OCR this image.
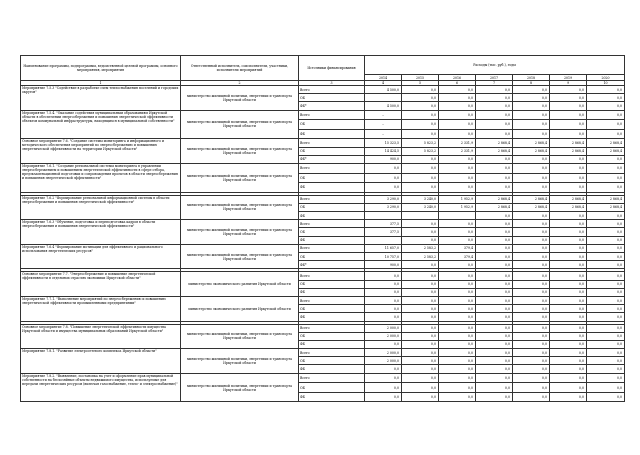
Наименование программы, подпрограммы, ведомственной целевой программы, основного мероприятия, мероприятия	Ответственный исполнитель, соисполнители, участники, исполнители мероприятий	Источники финансирования	Расходы (тыс. руб.), годы						
			2014	2015	2016	2017	2018	2019	2020
1	2	3	4	5	6	7	8	9	10
Мероприятие 7.5.3 "Содействие в разработке схем теплоснабжения поселений и городских округов"	министерство жилищной политики, энергетики и транспорта Иркутской области	Всего	4 500,0	0,0	0,0	0,0	0,0	0,0	0,0
		ОБ		0,0	0,0	0,0	0,0	0,0	0,0
		ФБ*	4 500,0	0,0	0,0	0,0	0,0	0,0	0,0
Мероприятие 7.5.4. "Оказание содействия муниципальным образованиям Иркутской области в обеспечении энергосбережения и повышения энергетической эффективности объектов коммунальной инфраструктуры, находящихся в муниципальной собственности"	министерство жилищной политики, энергетики и транспорта Иркутской области	Всего	–	0,0	0,0	0,0	0,0	0,0	0,0
		ОБ	–	0,0	0,0	0,0	0,0	0,0	0,0
		ФБ	–	0,0	0,0	0,0	0,0	0,0	0,0
Основное мероприятие 7.6. "Создание системы мониторинга и информационного и методического обеспечения мероприятий по энергосбережению и повышению энергетической эффективности на территории Иркутской области"	министерство жилищной политики, энергетики и транспорта Иркутской области	Всего	15 323,5	5 823,2	2 331,9	2 868,4	2 868,4	2 868,4	2 868,4
		ОБ	14 424,5	5 823,2	2 331,9	2 868,4	2 868,4	2 868,4	2 868,4
		ФБ*	900,0	0,0	0,0	0,0	0,0	0,0	0,0
Мероприятие 7.6.1. "Создание региональной системы мониторинга в управлении энергосбережением и повышением энергетической эффективности в сфере отбора, предэкзаменационной подготовки и сопровождения проектов в области энергосбережения и повышения энергетической эффективности"	министерство жилищной политики, энергетики и транспорта Иркутской области	Всего	0,0	0,0	0,0	0,0	0,0	0,0	0,0
		ОБ	0,0	0,0	0,0	0,0	0,0	0,0	0,0
		ФБ	0,0	0,0	0,0	0,0	0,0	0,0	0,0

Мероприятие 7.6.2 "Формирование региональной информационной системы в области энергосбережения и повышения энергетической эффективности"	министерство жилищной политики, энергетики и транспорта Иркутской области	Всего	3 290,0	3 240,0	1 952,9	2 868,4	2 868,4	2 868,4	2 868,4
		ОБ	3 290,0	3 240,0	1 952,9	2 868,4	2 868,4	2 868,4	2 868,4
		ФБ				0,0	0,0	0,0	0,0
Мероприятие 7.6.3 "Обучение, подготовка и переподготовка кадров в области энергосбережения и повышения энергетической эффективности"	министерство жилищной политики, энергетики и транспорта Иркутской области	Всего	377,5	0,0	0,0	0,0	0,0	0,0	0,0
		ОБ	377,5	0,0	0,0	0,0	0,0	0,0	0,0
		ФБ		0,0	0,0	0,0	0,0	0,0	0,0
Мероприятие 7.6.4 "Формирование мотивации для эффективного и рационального использования энергетических ресурсов"	министерство жилищной политики, энергетики и транспорта Иркутской области	Всего	11 657,0	2 583,2	379,4	0,0	0,0	0,0	0,0
		ОБ	10 757,0	2 583,2	379,4	0,0	0,0	0,0	0,0
		ФБ*	900,0	0,0	0,0	0,0	0,0	0,0	0,0

Основное мероприятие 7.7. "Энергосбережение и повышение энергетической эффективности в отдельных отраслях экономики Иркутской области"	министерство экономического развития Иркутской области	Всего	0,0	0,0	0,0	0,0	0,0	0,0	0,0
		ОБ	0,0	0,0	0,0	0,0	0,0	0,0	0,0
		ФБ	0,0	0,0	0,0	0,0	0,0	0,0	0,0
Мероприятие 7.7.1. "Выполнение мероприятий по энергосбережению и повышению энергетической эффективности промышленными предприятиями"	министерство экономического развития Иркутской области	Всего	0,0	0,0	0,0	0,0	0,0	0,0	0,0
		ОБ	0,0	0,0	0,0	0,0	0,0	0,0	0,0
		ФБ	0,0	0,0	0,0	0,0	0,0	0,0	0,0

Основное мероприятие 7.8. "Повышение энергетической эффективности имущества Иркутской области и имущества муниципальных образований Иркутской области"	министерство жилищной политики, энергетики и транспорта Иркутской области	Всего	2 000,0	0,0	0,0	0,0	0,0	0,0	0,0
		ОБ	2 000,0	0,0	0,0	0,0	0,0	0,0	0,0
		ФБ	0,0	0,0	0,0	0,0	0,0	0,0	0,0
Мероприятие 7.8.1. "Развитие электросетевого комплекса Иркутской области"	министерство жилищной политики, энергетики и транспорта Иркутской области	Всего	2 000,0	0,0	0,0	0,0	0,0	0,0	0,0
		ОБ	2 000,0	0,0	0,0	0,0	0,0	0,0	0,0
		ФБ	0,0	0,0	0,0	0,0	0,0	0,0	0,0
Мероприятие 7.8.2. "Выявление, постановка на учет и оформление прав муниципальной собственности на бесхозяйные объекты недвижимого имущества, используемые для передачи энергетических ресурсов (включая газоснабжение, тепло- и электроснабжение)"	министерство жилищной политики, энергетики и транспорта Иркутской области	Всего	0,0	0,0	0,0	0,0	0,0	0,0	0,0
		ОБ	0,0	0,0	0,0	0,0	0,0	0,0	0,0
		ФБ	0,0	0,0	0,0	0,0	0,0	0,0	0,0
